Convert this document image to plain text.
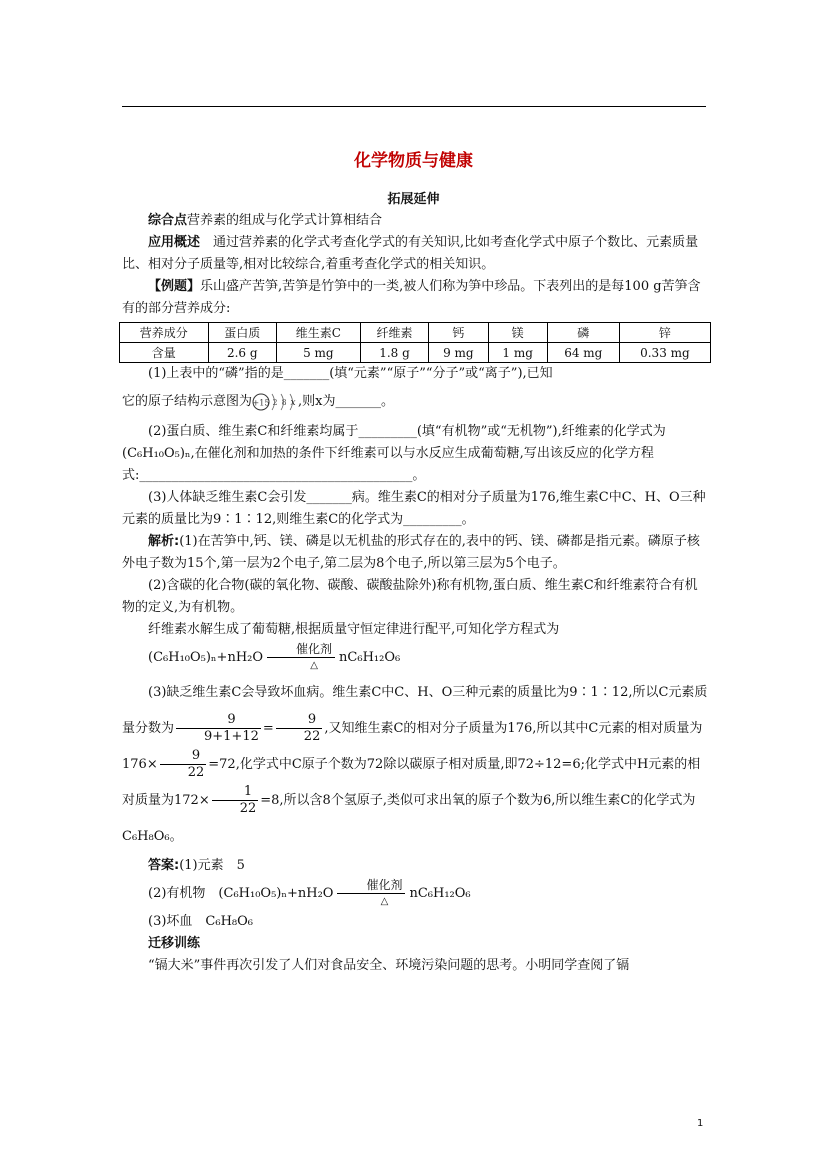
化学物质与健康
拓展延伸

综合点营养素的组成与化学式计算相结合

应用概述　 通过营养素的化学式考查化学式的有关知识,比如考查化学式中原子个数比、元素质量比、相对分子质量等,相对比较综合,着重考查化学式的相关知识。

【例题】乐山盛产苦笋,苦笋是竹笋中的一类,被人们称为笋中珍品。下表列出的是每100 g苦笋含有的部分营养成分:

营养成分	蛋白质	维生素C	纤维素	钙	镁	磷	锌
含量	2.6 g	5 mg	1.8 g	9 mg	1 mg	64 mg	0.33 mg

(1)上表中的“磷”指的是_______(填“元素”“原子”“分子”或“离子”),已知

它的原子结构示意图为 +15 2 8 x ,则x为_______。

(2)蛋白质、维生素C和纤维素均属于_________(填“有机物”或“无机物”),纤维素的化学式为(C₆H₁₀O₅)ₙ,在催化剂和加热的条件下纤维素可以与水反应生成葡萄糖,写出该反应的化学方程式:__________________________________________。

(3)人体缺乏维生素C会引发_______病。维生素C的相对分子质量为176,维生素C中C、H、O三种元素的质量比为9∶1∶12,则维生素C的化学式为_________。

解析:(1)在苦笋中,钙、镁、磷是以无机盐的形式存在的,表中的钙、镁、磷都是指元素。磷原子核外电子数为15个,第一层为2个电子,第二层为8个电子,所以第三层为5个电子。

(2)含碳的化合物(碳的氧化物、碳酸、碳酸盐除外)称有机物,蛋白质、维生素C和纤维素符合有机物的定义,为有机物。

纤维素水解生成了葡萄糖,根据质量守恒定律进行配平,可知化学方程式为

(C₆H₁₀O₅)ₙ+nH₂O
催化剂
△
nC₆H₁₂O₆

(3)缺乏维生素C会导致坏血病。维生素C中C、H、O三种元素的质量比为9∶1∶12,所以C元素质量分数为 $\frac{9}{9+1+12} = \frac{9}{22}$ ,又知维生素C的相对分子质量为176,所以其中C元素的相对质量为$176\times \frac{9}{22} =72$,化学式中C原子个数为72除以碳原子相对质量,即72÷12=6;化学式中H元素的相对质量为$172\times \frac{1}{22} =8$,所以含8个氢原子,类似可求出氧的原子个数为6,所以维生素C的化学式为C₆H₈O₆。

答案:(1)元素　5

(2)有机物　(C₆H₁₀O₅)ₙ+nH₂O
催化剂
△
nC₆H₁₂O₆

(3)坏血　C₆H₈O₆

迁移训练

“镉大米”事件再次引发了人们对食品安全、环境污染问题的思考。小明同学查阅了镉

1
